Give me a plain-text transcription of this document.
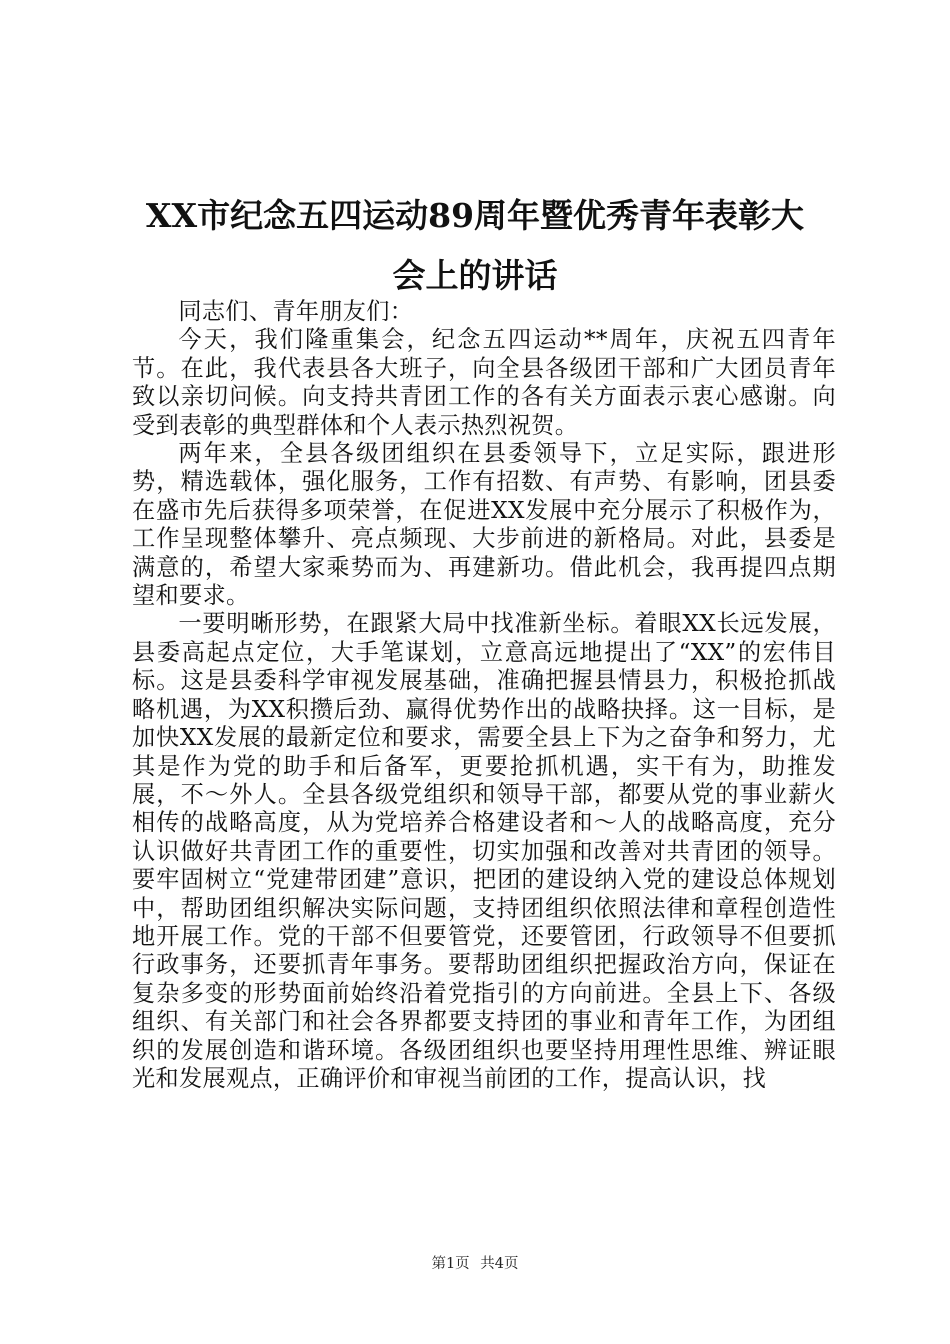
XX市纪念五四运动89周年暨优秀青年表彰大
会上的讲话

同志们、青年朋友们：

今天，我们隆重集会，纪念五四运动**周年，庆祝五四青年节。在此，我代表县各大班子，向全县各级团干部和广大团员青年致以亲切问候。向支持共青团工作的各有关方面表示衷心感谢。向受到表彰的典型群体和个人表示热烈祝贺。

两年来，全县各级团组织在县委领导下，立足实际，跟进形势，精选载体，强化服务，工作有招数、有声势、有影响，团县委在盛市先后获得多项荣誉，在促进XX发展中充分展示了积极作为，工作呈现整体攀升、亮点频现、大步前进的新格局。对此，县委是满意的，希望大家乘势而为、再建新功。借此机会，我再提四点期望和要求。

一要明晰形势，在跟紧大局中找准新坐标。着眼XX长远发展，县委高起点定位，大手笔谋划，立意高远地提出了“XX”的宏伟目标。这是县委科学审视发展基础，准确把握县情县力，积极抢抓战略机遇，为XX积攒后劲、赢得优势作出的战略抉择。这一目标，是加快XX发展的最新定位和要求，需要全县上下为之奋争和努力，尤其是作为党的助手和后备军，更要抢抓机遇，实干有为，助推发展，不～外人。全县各级党组织和领导干部，都要从党的事业薪火相传的战略高度，从为党培养合格建设者和～人的战略高度，充分认识做好共青团工作的重要性，切实加强和改善对共青团的领导。要牢固树立“党建带团建”意识，把团的建设纳入党的建设总体规划中，帮助团组织解决实际问题，支持团组织依照法律和章程创造性地开展工作。党的干部不但要管党，还要管团，行政领导不但要抓行政事务，还要抓青年事务。要帮助团组织把握政治方向，保证在复杂多变的形势面前始终沿着党指引的方向前进。全县上下、各级组织、有关部门和社会各界都要支持团的事业和青年工作，为团组织的发展创造和谐环境。各级团组织也要坚持用理性思维、辨证眼光和发展观点，正确评价和审视当前团的工作，提高认识，找

第1页 共4页
